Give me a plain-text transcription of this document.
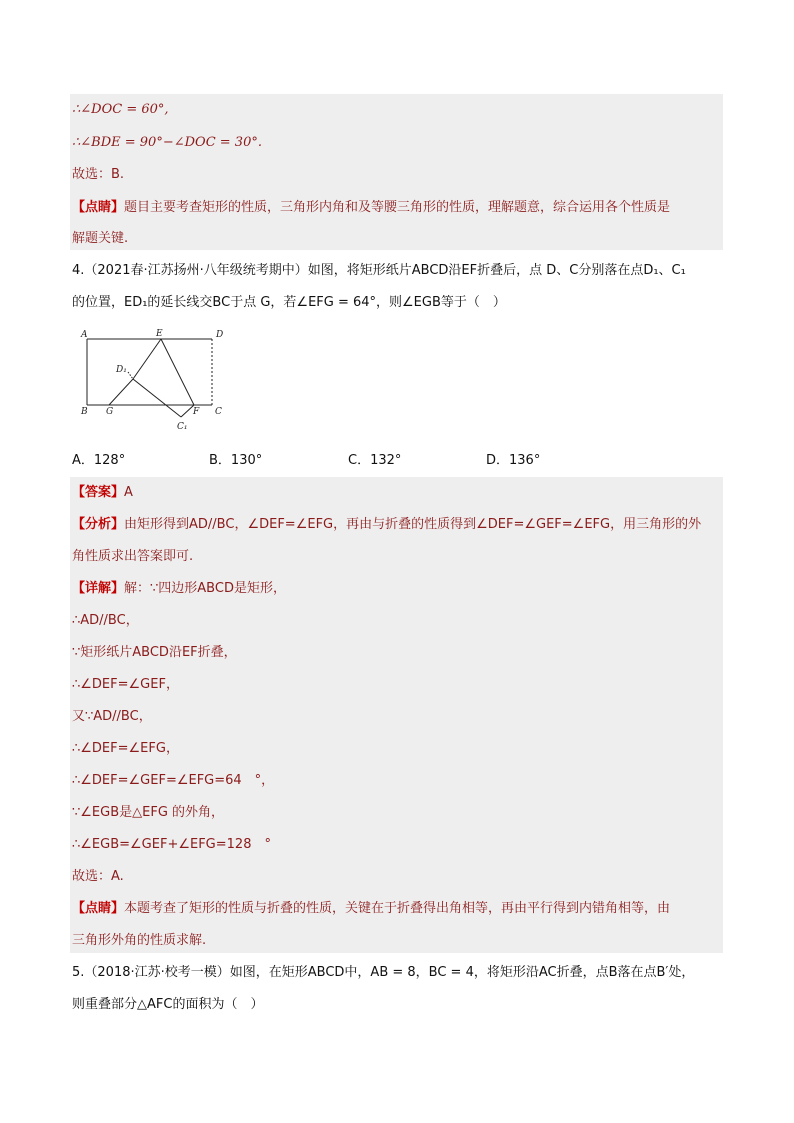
∴∠DOC = 60°,
∴∠BDE = 90°−∠DOC = 30°.
故选：B.
【点睛】题目主要考查矩形的性质，三角形内角和及等腰三角形的性质，理解题意，综合运用各个性质是
解题关键.
4.（2021春·江苏扬州·八年级统考期中）如图，将矩形纸片ABCD沿EF折叠后，点 D、C分别落在点D₁、C₁
的位置，ED₁的延长线交BC于点 G，若∠EFG = 64°，则∠EGB等于（　）
A	E	D
D₁
B G	F C
C₁
A．128°	B．130°	C．132°	D．136°
【答案】A
【分析】由矩形得到AD//BC，∠DEF=∠EFG，再由与折叠的性质得到∠DEF=∠GEF=∠EFG，用三角形的外
角性质求出答案即可.
【详解】解：∵四边形ABCD是矩形，
∴AD//BC，
∵矩形纸片ABCD沿EF折叠，
∴∠DEF=∠GEF，
又∵AD//BC，
∴∠DEF=∠EFG，
∴∠DEF=∠GEF=∠EFG=64　°，
∵∠EGB是△EFG 的外角，
∴∠EGB=∠GEF+∠EFG=128　°
故选：A.
【点睛】本题考查了矩形的性质与折叠的性质，关键在于折叠得出角相等，再由平行得到内错角相等，由
三角形外角的性质求解.
5.（2018·江苏·校考一模）如图，在矩形ABCD中，AB = 8，BC = 4，将矩形沿AC折叠，点B落在点B′处，
则重叠部分△AFC的面积为（　）
